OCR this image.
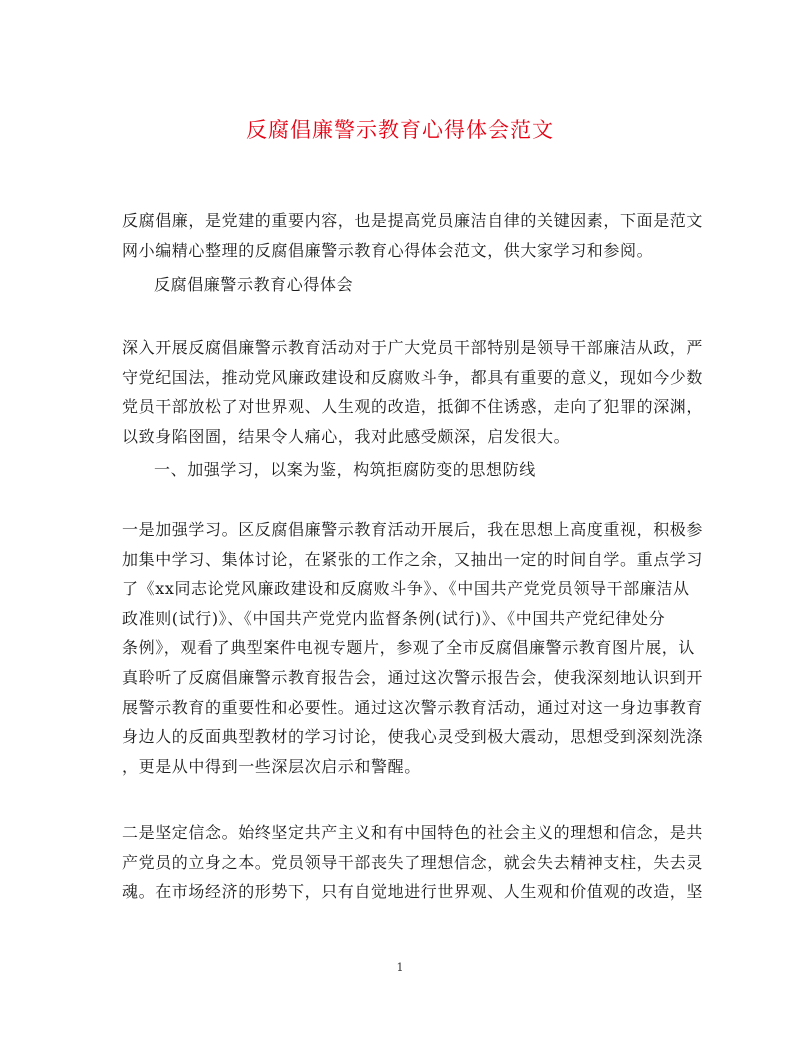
反腐倡廉警示教育心得体会范文

反腐倡廉，是党建的重要内容，也是提高党员廉洁自律的关键因素，下面是范文
网小编精心整理的反腐倡廉警示教育心得体会范文，供大家学习和参阅。

反腐倡廉警示教育心得体会

深入开展反腐倡廉警示教育活动对于广大党员干部特别是领导干部廉洁从政，严
守党纪国法，推动党风廉政建设和反腐败斗争，都具有重要的意义，现如今少数
党员干部放松了对世界观、人生观的改造，抵御不住诱惑，走向了犯罪的深渊，
以致身陷囹圄，结果令人痛心，我对此感受颇深，启发很大。

一、加强学习，以案为鉴，构筑拒腐防变的思想防线

一是加强学习。区反腐倡廉警示教育活动开展后，我在思想上高度重视，积极参
加集中学习、集体讨论，在紧张的工作之余，又抽出一定的时间自学。重点学习
了《xx同志论党风廉政建设和反腐败斗争》、《中国共产党党员领导干部廉洁从
政准则(试行)》、《中国共产党党内监督条例(试行)》、《中国共产党纪律处分
条例》，观看了典型案件电视专题片，参观了全市反腐倡廉警示教育图片展，认
真聆听了反腐倡廉警示教育报告会，通过这次警示报告会，使我深刻地认识到开
展警示教育的重要性和必要性。通过这次警示教育活动，通过对这一身边事教育
身边人的反面典型教材的学习讨论，使我心灵受到极大震动，思想受到深刻洗涤
，更是从中得到一些深层次启示和警醒。

二是坚定信念。始终坚定共产主义和有中国特色的社会主义的理想和信念，是共
产党员的立身之本。党员领导干部丧失了理想信念，就会失去精神支柱，失去灵
魂。在市场经济的形势下，只有自觉地进行世界观、人生观和价值观的改造，坚

1
